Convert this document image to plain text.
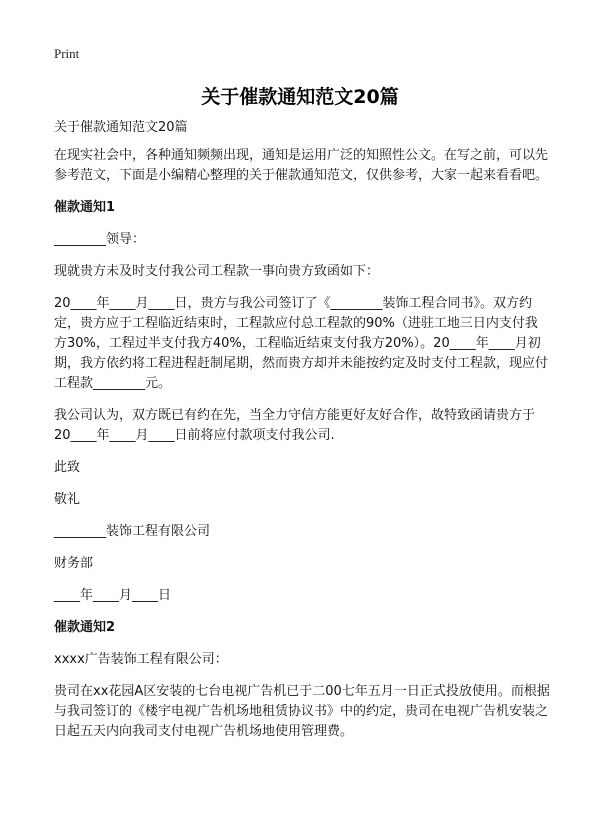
Print
关于催款通知范文20篇

关于催款通知范文20篇

在现实社会中，各种通知频频出现，通知是运用广泛的知照性公文。在写之前，可以先参考范文，下面是小编精心整理的关于催款通知范文，仅供参考，大家一起来看看吧。

催款通知1

________领导：

现就贵方未及时支付我公司工程款一事向贵方致函如下：

20____年____月____日，贵方与我公司签订了《________装饰工程合同书》。双方约定，贵方应于工程临近结束时，工程款应付总工程款的90%（进驻工地三日内支付我方30%，工程过半支付我方40%，工程临近结束支付我方20%）。20____年____月初期，我方依约将工程进程赶制尾期，然而贵方却并未能按约定及时支付工程款，现应付工程款________元。

我公司认为，双方既已有约在先，当全力守信方能更好友好合作，故特致函请贵方于20____年____月____日前将应付款项支付我公司.

此致

敬礼

________装饰工程有限公司

财务部

____年____月____日

催款通知2

xxxx广告装饰工程有限公司：

贵司在xx花园A区安装的七台电视广告机已于二00七年五月一日正式投放使用。而根据与我司签订的《楼宇电视广告机场地租赁协议书》中的约定，贵司在电视广告机安装之日起五天内向我司支付电视广告机场地使用管理费。
